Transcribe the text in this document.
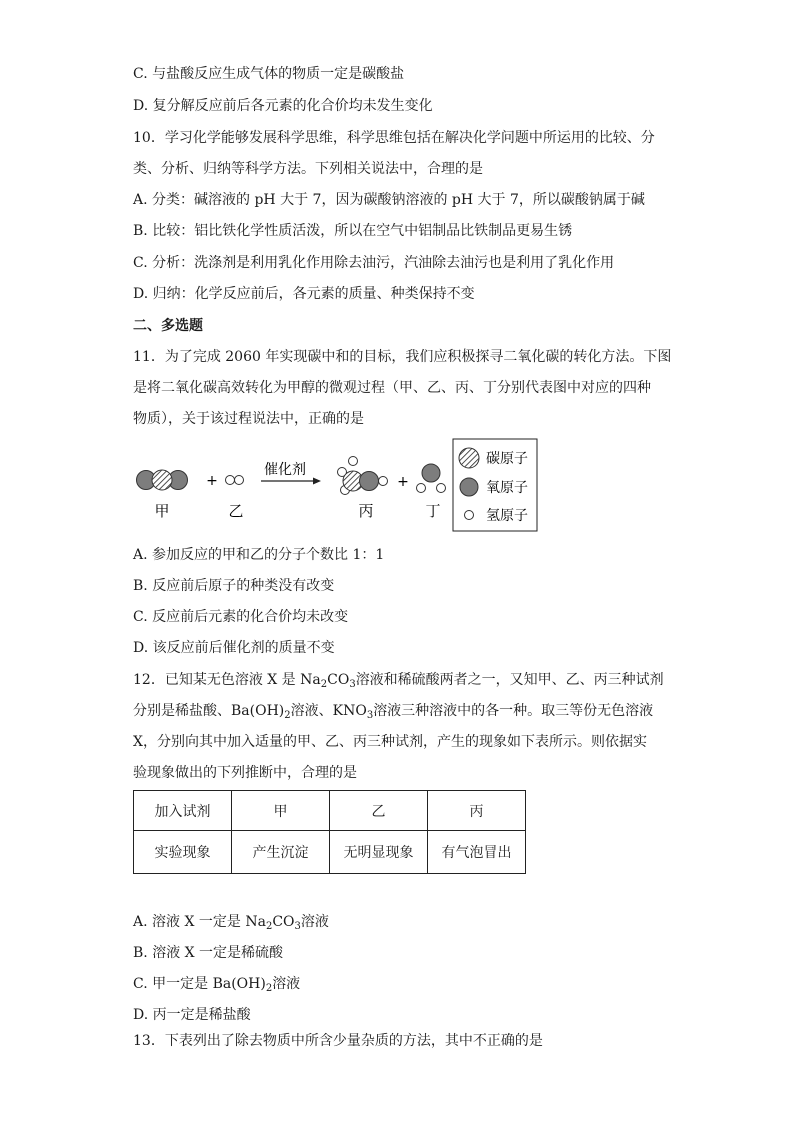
C. 与盐酸反应生成气体的物质一定是碳酸盐
D. 复分解反应前后各元素的化合价均未发生变化
10．学习化学能够发展科学思维，科学思维包括在解决化学问题中所运用的比较、分
类、分析、归纳等科学方法。下列相关说法中，合理的是
A. 分类：碱溶液的 pH 大于 7，因为碳酸钠溶液的 pH 大于 7，所以碳酸钠属于碱
B. 比较：铝比铁化学性质活泼，所以在空气中铝制品比铁制品更易生锈
C. 分析：洗涤剂是利用乳化作用除去油污，汽油除去油污也是利用了乳化作用
D. 归纳：化学反应前后，各元素的质量、种类保持不变
二、多选题
11．为了完成 2060 年实现碳中和的目标，我们应积极探寻二氧化碳的转化方法。下图
是将二氧化碳高效转化为甲醇的微观过程（甲、乙、丙、丁分别代表图中对应的四种
物质），关于该过程说法中，正确的是
+
催化剂
+
甲	乙	丙	丁
碳原子
氧原子
氢原子
A. 参加反应的甲和乙的分子个数比 1：1
B. 反应前后原子的种类没有改变
C. 反应前后元素的化合价均未改变
D. 该反应前后催化剂的质量不变
12．已知某无色溶液 X 是 $Na_2CO_3$溶液和稀硫酸两者之一，又知甲、乙、丙三种试剂
分别是稀盐酸、$Ba(OH)_2$溶液、$KNO_3$溶液三种溶液中的各一种。取三等份无色溶液
X，分别向其中加入适量的甲、乙、丙三种试剂，产生的现象如下表所示。则依据实
验现象做出的下列推断中，合理的是
加入试剂	甲	乙	丙
实验现象	产生沉淀	无明显现象	有气泡冒出
A. 溶液 X 一定是 $Na_2CO_3$溶液
B. 溶液 X 一定是稀硫酸
C. 甲一定是 $Ba(OH)_2$溶液
D. 丙一定是稀盐酸
13．下表列出了除去物质中所含少量杂质的方法，其中不正确的是
